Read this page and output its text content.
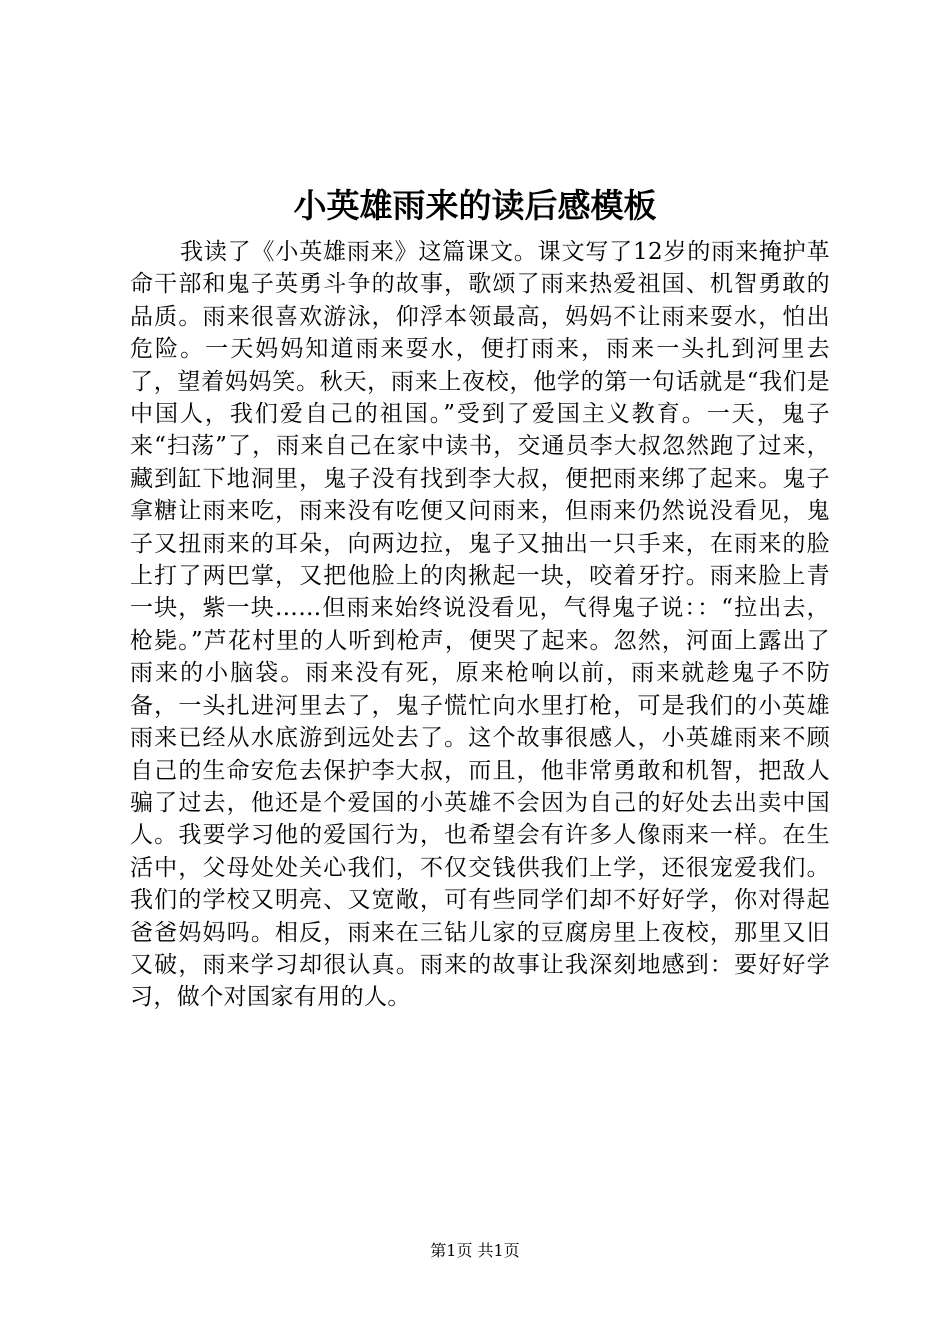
小英雄雨来的读后感模板

我读了《小英雄雨来》这篇课文。课文写了12岁的雨来掩护革命干部和鬼子英勇斗争的故事，歌颂了雨来热爱祖国、机智勇敢的品质。雨来很喜欢游泳，仰浮本领最高，妈妈不让雨来耍水，怕出危险。一天妈妈知道雨来耍水，便打雨来，雨来一头扎到河里去了，望着妈妈笑。秋天，雨来上夜校，他学的第一句话就是“我们是中国人，我们爱自己的祖国。”受到了爱国主义教育。一天，鬼子来“扫荡”了，雨来自己在家中读书，交通员李大叔忽然跑了过来，藏到缸下地洞里，鬼子没有找到李大叔，便把雨来绑了起来。鬼子拿糖让雨来吃，雨来没有吃便又问雨来，但雨来仍然说没看见，鬼子又扭雨来的耳朵，向两边拉，鬼子又抽出一只手来，在雨来的脸上打了两巴掌，又把他脸上的肉揪起一块，咬着牙拧。雨来脸上青一块，紫一块……但雨来始终说没看见，气得鬼子说：：“拉出去，枪毙。”芦花村里的人听到枪声，便哭了起来。忽然，河面上露出了雨来的小脑袋。雨来没有死，原来枪响以前，雨来就趁鬼子不防备，一头扎进河里去了，鬼子慌忙向水里打枪，可是我们的小英雄雨来已经从水底游到远处去了。这个故事很感人，小英雄雨来不顾自己的生命安危去保护李大叔，而且，他非常勇敢和机智，把敌人骗了过去，他还是个爱国的小英雄不会因为自己的好处去出卖中国人。我要学习他的爱国行为，也希望会有许多人像雨来一样。在生活中，父母处处关心我们，不仅交钱供我们上学，还很宠爱我们。我们的学校又明亮、又宽敞，可有些同学们却不好好学，你对得起爸爸妈妈吗。相反，雨来在三钻儿家的豆腐房里上夜校，那里又旧又破，雨来学习却很认真。雨来的故事让我深刻地感到：要好好学习，做个对国家有用的人。

第1页 共1页
